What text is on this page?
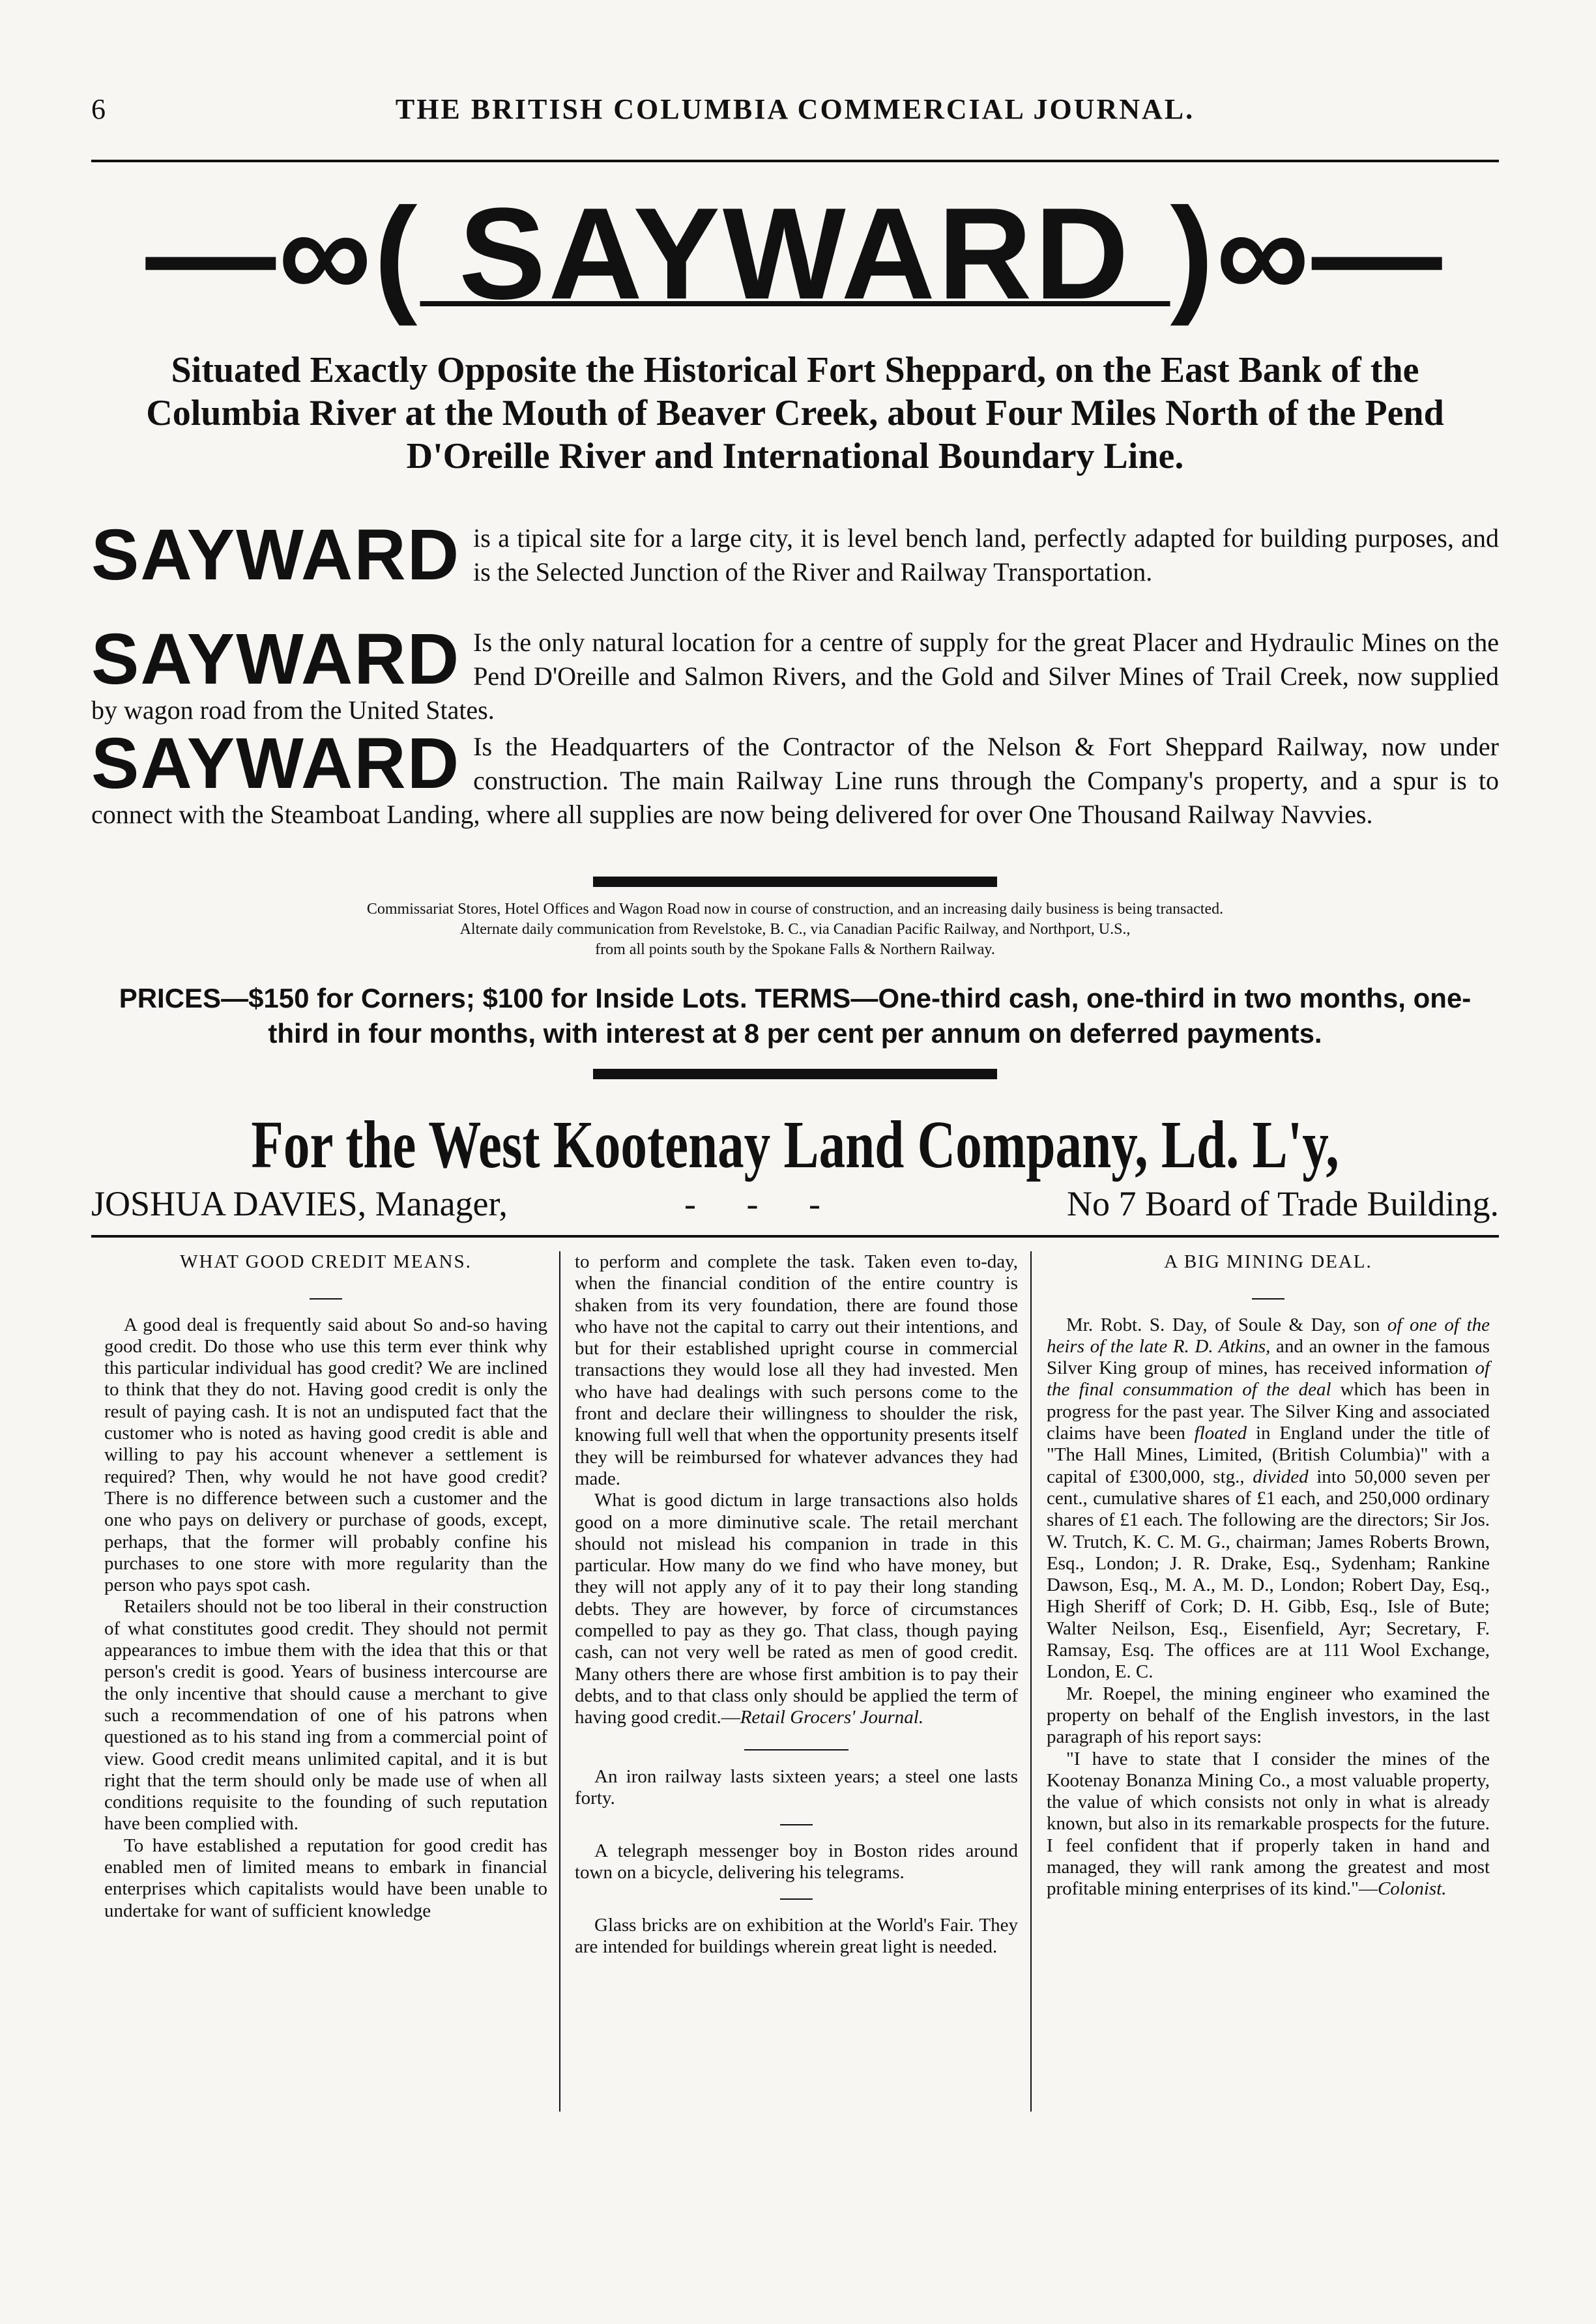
6	THE BRITISH COLUMBIA COMMERCIAL JOURNAL.
—∞( SAYWARD )∞—
Situated Exactly Opposite the Historical Fort Sheppard, on the East Bank of the Columbia River at the Mouth of Beaver Creek, about Four Miles North of the Pend D'Oreille River and International Boundary Line.
SAYWARD is a tipical site for a large city, it is level bench land, perfectly adapted for building purposes, and is the Selected Junction of the River and Railway Transportation.
SAYWARD Is the only natural location for a centre of supply for the great Placer and Hydraulic Mines on the Pend D'Oreille and Salmon Rivers, and the Gold and Silver Mines of Trail Creek, now supplied by wagon road from the United States.
SAYWARD Is the Headquarters of the Contractor of the Nelson & Fort Sheppard Railway, now under construction. The main Railway Line runs through the Company's property, and a spur is to connect with the Steamboat Landing, where all supplies are now being delivered for over One Thousand Railway Navvies.
Commissariat Stores, Hotel Offices and Wagon Road now in course of construction, and an increasing daily business is being transacted.
Alternate daily communication from Revelstoke, B. C., via Canadian Pacific Railway, and Northport, U.S.,
from all points south by the Spokane Falls & Northern Railway.
PRICES—$150 for Corners; $100 for Inside Lots. TERMS—One-third cash, one-third in two months, one-third in four months, with interest at 8 per cent per annum on deferred payments.
For the West Kootenay Land Company, Ld. L'y,
JOSHUA DAVIES, Manager,	- - -	No 7 Board of Trade Building.
WHAT GOOD CREDIT MEANS.

A good deal is frequently said about So and-so having good credit. Do those who use this term ever think why this particular individual has good credit? We are inclined to think that they do not. Having good credit is only the result of paying cash. It is not an undisputed fact that the customer who is noted as having good credit is able and willing to pay his account whenever a settlement is required? Then, why would he not have good credit? There is no difference between such a customer and the one who pays on delivery or purchase of goods, except, perhaps, that the former will probably confine his purchases to one store with more regularity than the person who pays spot cash.

Retailers should not be too liberal in their construction of what constitutes good credit. They should not permit appearances to imbue them with the idea that this or that person's credit is good. Years of business intercourse are the only incentive that should cause a merchant to give such a recommendation of one of his patrons when questioned as to his stand ing from a commercial point of view. Good credit means unlimited capital, and it is but right that the term should only be made use of when all conditions requisite to the founding of such reputation have been complied with.

To have established a reputation for good credit has enabled men of limited means to embark in financial enterprises which capitalists would have been unable to undertake for want of sufficient knowledge

to perform and complete the task. Taken even to-day, when the financial condition of the entire country is shaken from its very foundation, there are found those who have not the capital to carry out their intentions, and but for their established upright course in commercial transactions they would lose all they had invested. Men who have had dealings with such persons come to the front and declare their willingness to shoulder the risk, knowing full well that when the opportunity presents itself they will be reimbursed for whatever advances they had made.

What is good dictum in large transactions also holds good on a more diminutive scale. The retail merchant should not mislead his companion in trade in this particular. How many do we find who have money, but they will not apply any of it to pay their long standing debts. They are however, by force of circumstances compelled to pay as they go. That class, though paying cash, can not very well be rated as men of good credit. Many others there are whose first ambition is to pay their debts, and to that class only should be applied the term of having good credit.—Retail Grocers' Journal.

An iron railway lasts sixteen years; a steel one lasts forty.

A telegraph messenger boy in Boston rides around town on a bicycle, delivering his telegrams.

Glass bricks are on exhibition at the World's Fair. They are intended for buildings wherein great light is needed.

A BIG MINING DEAL.

Mr. Robt. S. Day, of Soule & Day, son of one of the heirs of the late R. D. Atkins, and an owner in the famous Silver King group of mines, has received information of the final consummation of the deal which has been in progress for the past year. The Silver King and associated claims have been floated in England under the title of "The Hall Mines, Limited, (British Columbia)" with a capital of £300,000, stg., divided into 50,000 seven per cent., cumulative shares of £1 each, and 250,000 ordinary shares of £1 each. The following are the directors; Sir Jos. W. Trutch, K. C. M. G., chairman; James Roberts Brown, Esq., London; J. R. Drake, Esq., Sydenham; Rankine Dawson, Esq., M. A., M. D., London; Robert Day, Esq., High Sheriff of Cork; D. H. Gibb, Esq., Isle of Bute; Walter Neilson, Esq., Eisenfield, Ayr; Secretary, F. Ramsay, Esq. The offices are at 111 Wool Exchange, London, E. C.

Mr. Roepel, the mining engineer who examined the property on behalf of the English investors, in the last paragraph of his report says:

"I have to state that I consider the mines of the Kootenay Bonanza Mining Co., a most valuable property, the value of which consists not only in what is already known, but also in its remarkable prospects for the future. I feel confident that if properly taken in hand and managed, they will rank among the greatest and most profitable mining enterprises of its kind."—Colonist.
